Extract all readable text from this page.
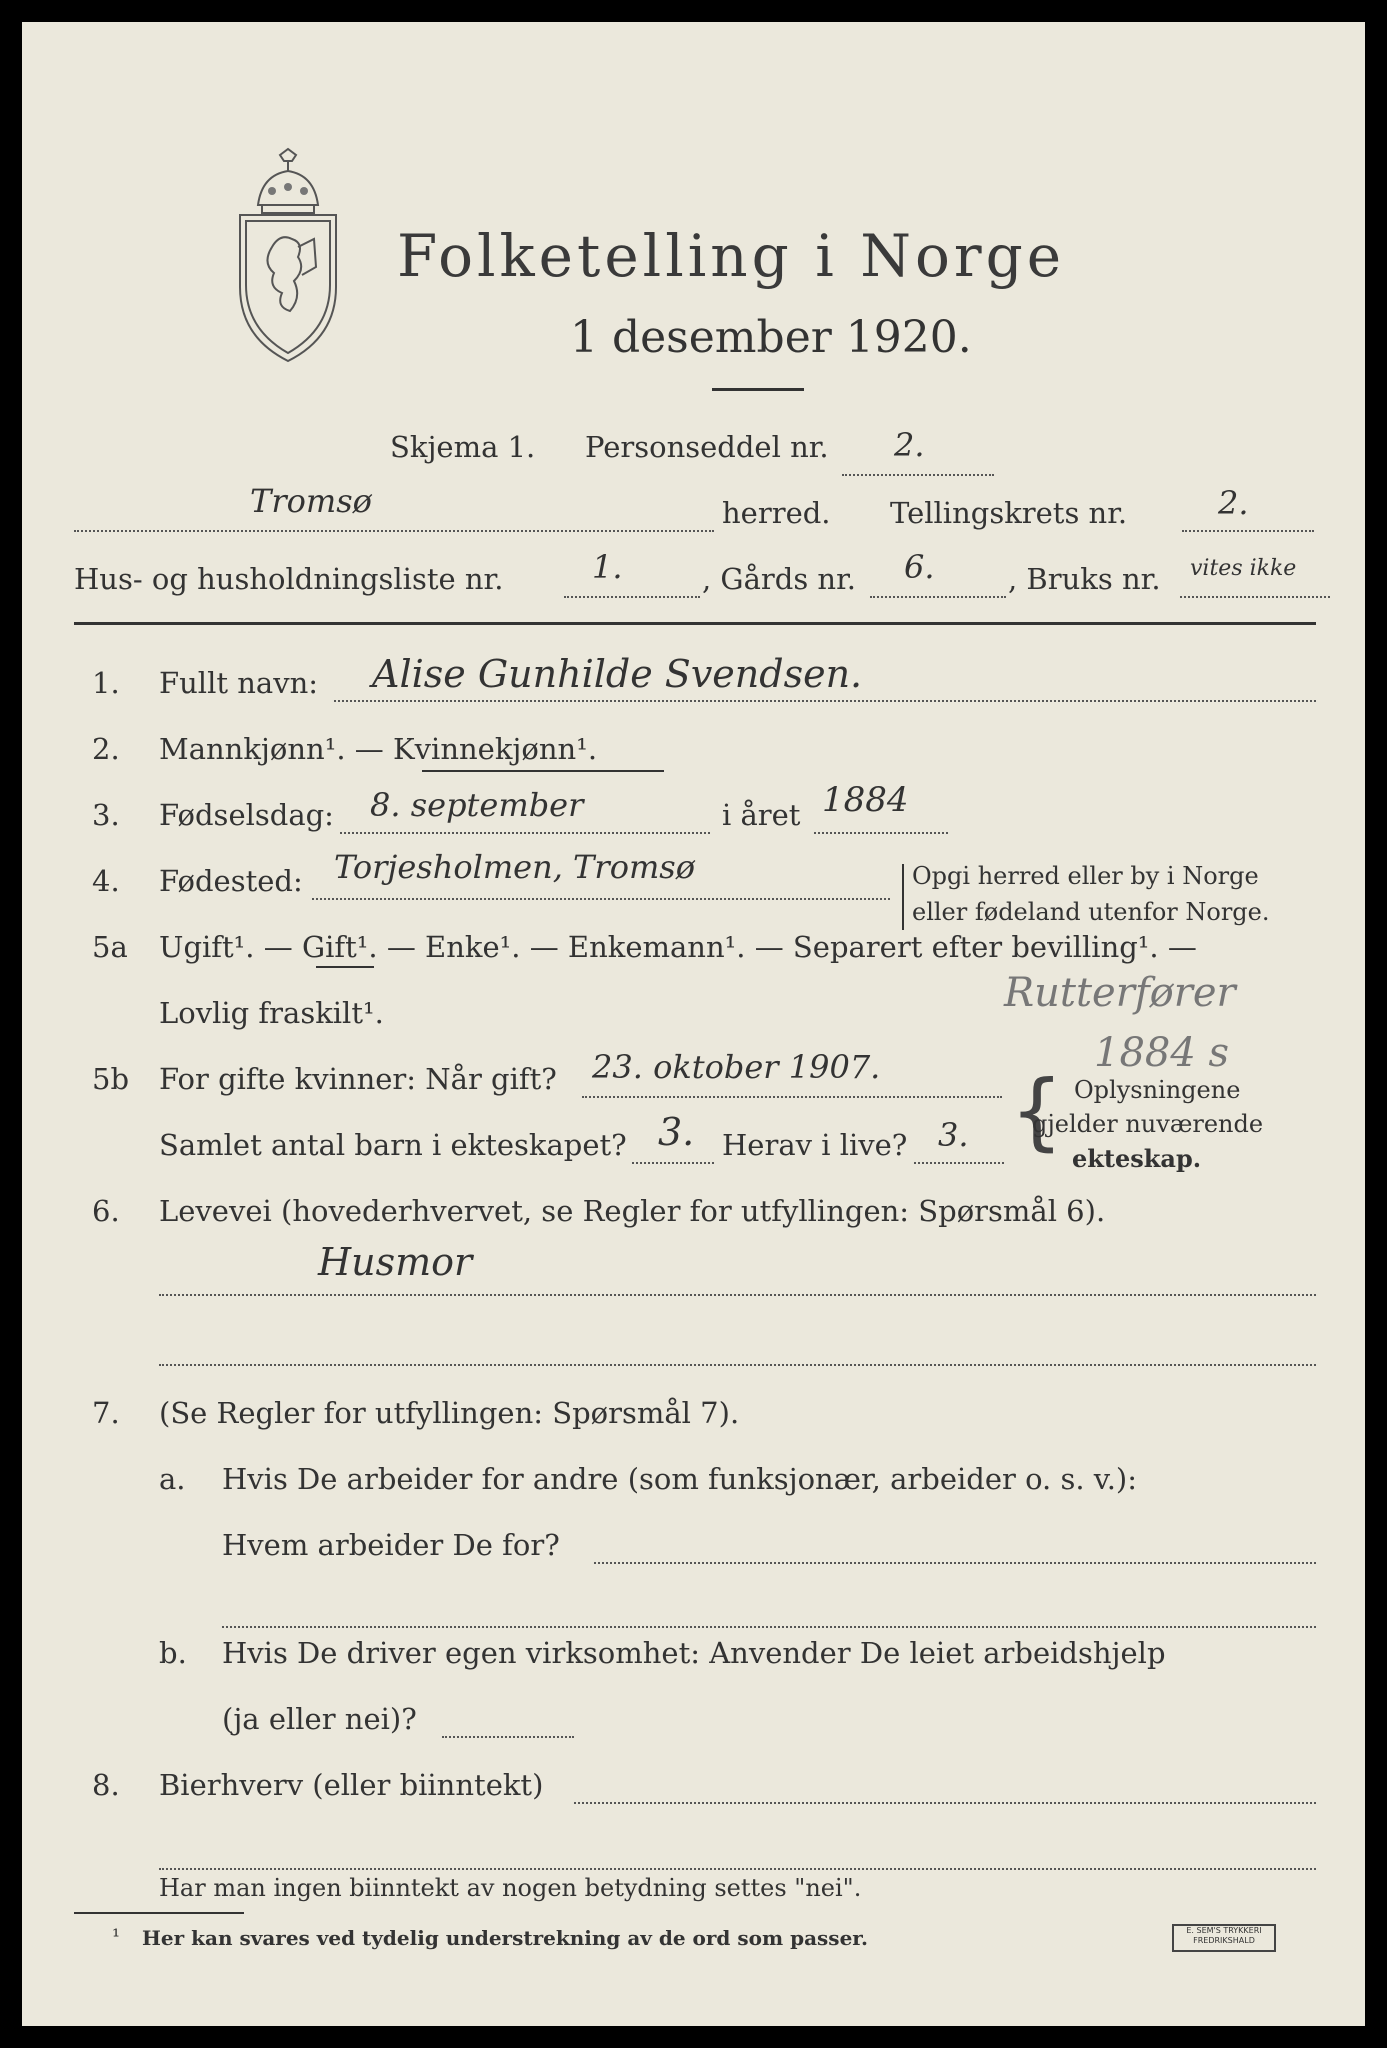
Folketelling i Norge
1 desember 1920.
Skjema 1. Personseddel nr. 2.
Tromsø	herred. Tellingskrets nr.	2.
Hus- og husholdningsliste nr.	1.	, Gårds nr. 6.	, Bruks nr. vites ikke
1. Fullt navn: Alise Gunhilde Svendsen.
2. Mannkjønn¹. — Kvinnekjønn¹.
3. Fødselsdag: 8. september	i året 1884
4. Fødested: Torjesholmen, Tromsø	Opgi herred eller by i Norge
eller fødeland utenfor Norge.
5a Ugift¹. — Gift¹. — Enke¹. — Enkemann¹. — Separert efter bevilling¹. —
Lovlig fraskilt¹.	Rutterfører
1884 s
5b For gifte kvinner: Når gift? 23. oktober 1907.
Samlet antal barn i ekteskapet? 3. Herav i live? 3. { Oplysningene
gjelder nuværende
ekteskap.
6. Levevei (hovederhvervet, se Regler for utfyllingen: Spørsmål 6).
Husmor
7. (Se Regler for utfyllingen: Spørsmål 7).
a. Hvis De arbeider for andre (som funksjonær, arbeider o. s. v.):
Hvem arbeider De for?
b. Hvis De driver egen virksomhet: Anvender De leiet arbeidshjelp
(ja eller nei)?
8. Bierhverv (eller biinntekt)
Har man ingen biinntekt av nogen betydning settes "nei".
¹ Her kan svares ved tydelig understrekning av de ord som passer.	E. SEM'S TRYKKERI
FREDRIKSHALD
